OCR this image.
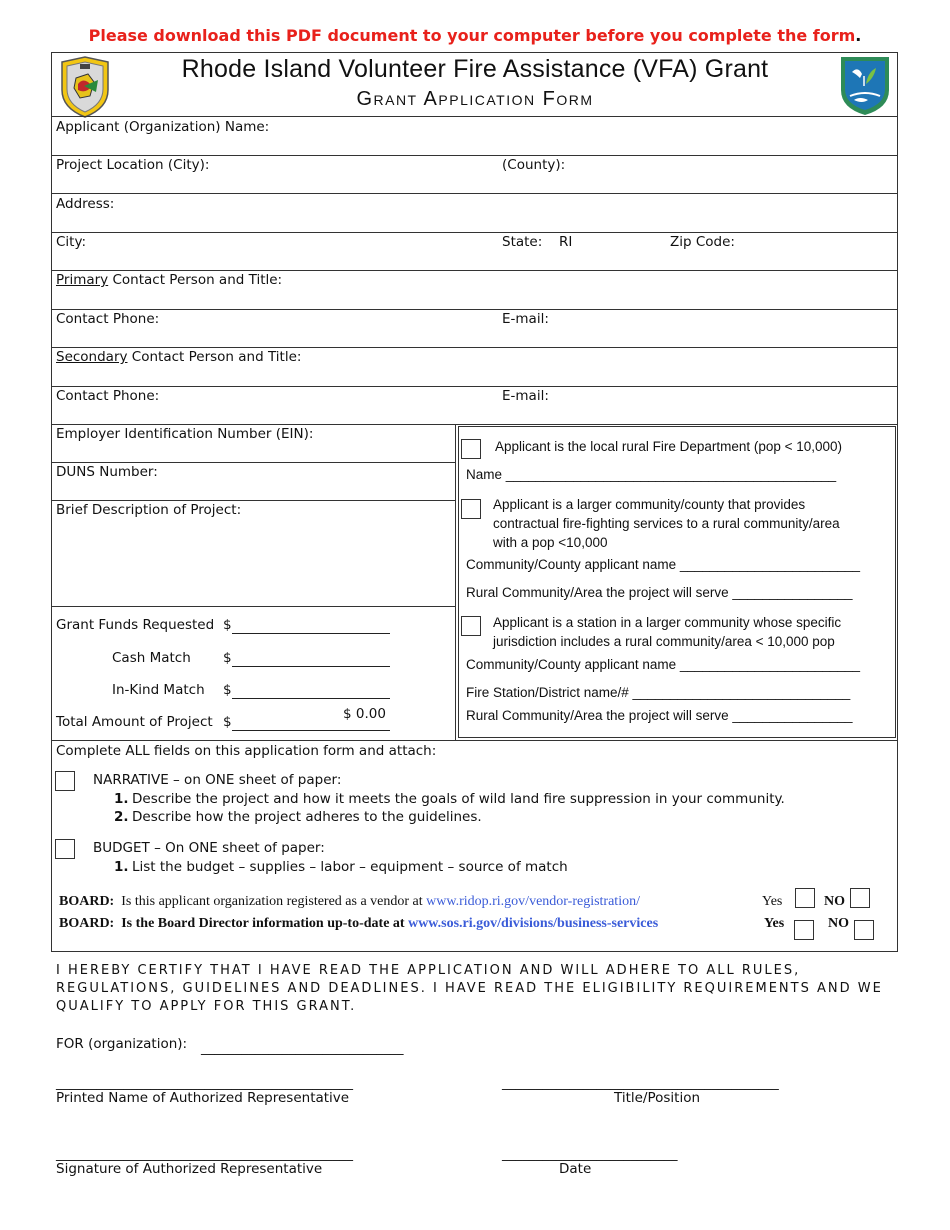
Please download this PDF document to your computer before you complete the form.
Rhode Island Volunteer Fire Assistance (VFA) Grant
Grant Application Form
Applicant (Organization) Name:
Project Location (City):	(County):
Address:
City:	State: RI	Zip Code:
Primary Contact Person and Title:
Contact Phone:	E-mail:
Secondary Contact Person and Title:
Contact Phone:	E-mail:
Employer Identification Number (EIN):
DUNS Number:
Brief Description of Project:
Grant Funds Requested $
Cash Match $
In-Kind Match $
Total Amount of Project $	$ 0.00
Applicant is the local rural Fire Department (pop < 10,000)
Name ____________________________________________
Applicant is a larger community/county that provides
contractual fire-fighting services to a rural community/area
with a pop <10,000
Community/County applicant name ________________________
Rural Community/Area the project will serve ________________
Applicant is a station in a larger community whose specific
jurisdiction includes a rural community/area < 10,000 pop
Community/County applicant name ________________________
Fire Station/District name/# _____________________________
Rural Community/Area the project will serve ________________
Complete ALL fields on this application form and attach:
NARRATIVE – on ONE sheet of paper:
1. Describe the project and how it meets the goals of wild land fire suppression in your community.
2. Describe how the project adheres to the guidelines.
BUDGET – On ONE sheet of paper:
1. List the budget – supplies – labor – equipment – source of match
BOARD: Is this applicant organization registered as a vendor at www.ridop.ri.gov/vendor-registration/	Yes	NO
BOARD: Is the Board Director information up-to-date at www.sos.ri.gov/divisions/business-services	Yes	NO
I HEREBY CERTIFY THAT I HAVE READ THE APPLICATION AND WILL ADHERE TO ALL RULES, REGULATIONS, GUIDELINES AND DEADLINES. I HAVE READ THE ELIGIBILITY REQUIREMENTS AND WE QUALIFY TO APPLY FOR THIS GRANT.
FOR (organization): ______________________________
____________________________________________	_________________________________________
Printed Name of Authorized Representative	Title/Position
____________________________________________	__________________________
Signature of Authorized Representative	Date
